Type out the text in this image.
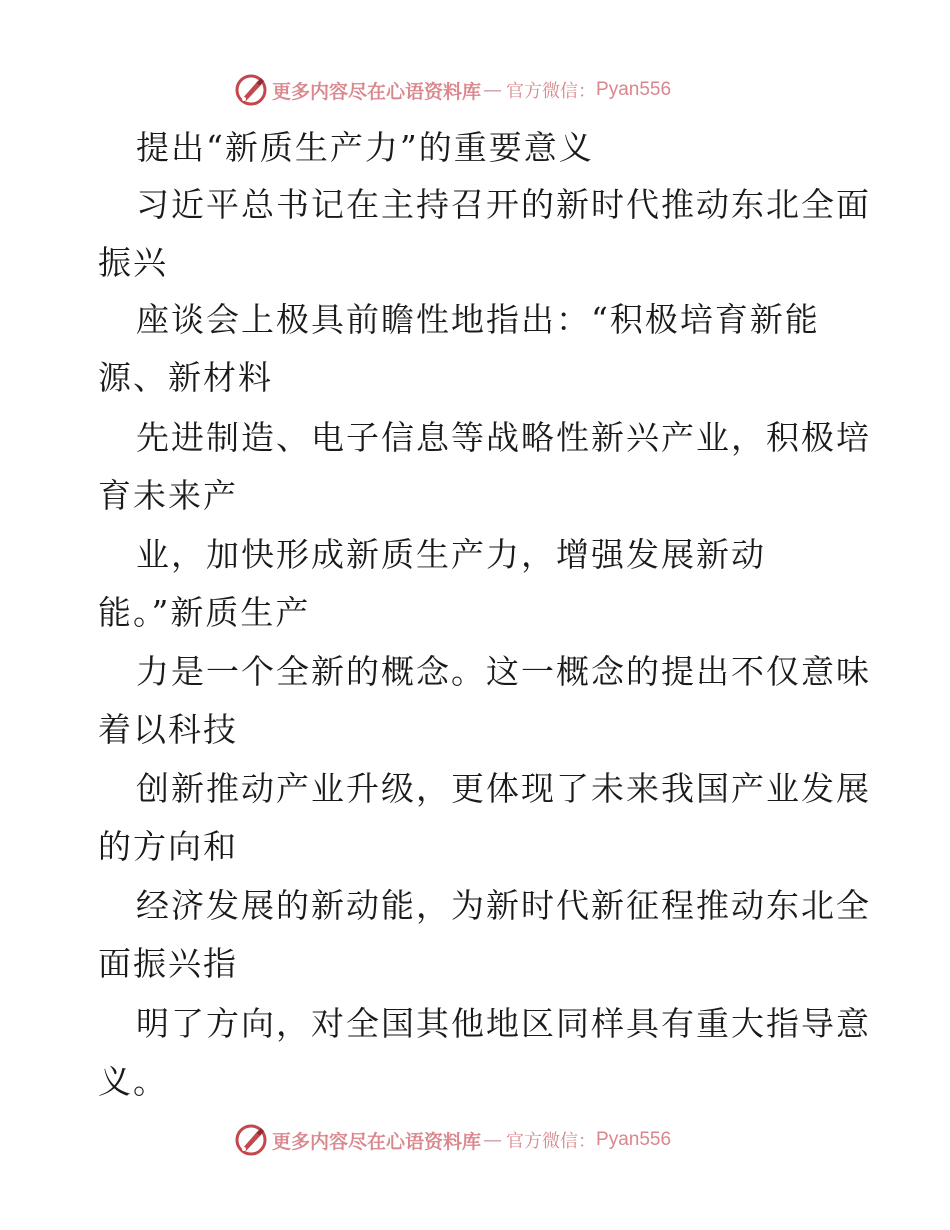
更多内容尽在心语资料库 — 官方微信： Pyan556
提出“新质生产力”的重要意义
习近平总书记在主持召开的新时代推动东北全面
振兴
座谈会上极具前瞻性地指出：“积极培育新能
源、新材料
先进制造、电子信息等战略性新兴产业，积极培
育未来产
业，加快形成新质生产力，增强发展新动
能。”新质生产
力是一个全新的概念。这一概念的提出不仅意味
着以科技
创新推动产业升级，更体现了未来我国产业发展
的方向和
经济发展的新动能，为新时代新征程推动东北全
面振兴指
明了方向，对全国其他地区同样具有重大指导意
义。
更多内容尽在心语资料库 — 官方微信： Pyan556
